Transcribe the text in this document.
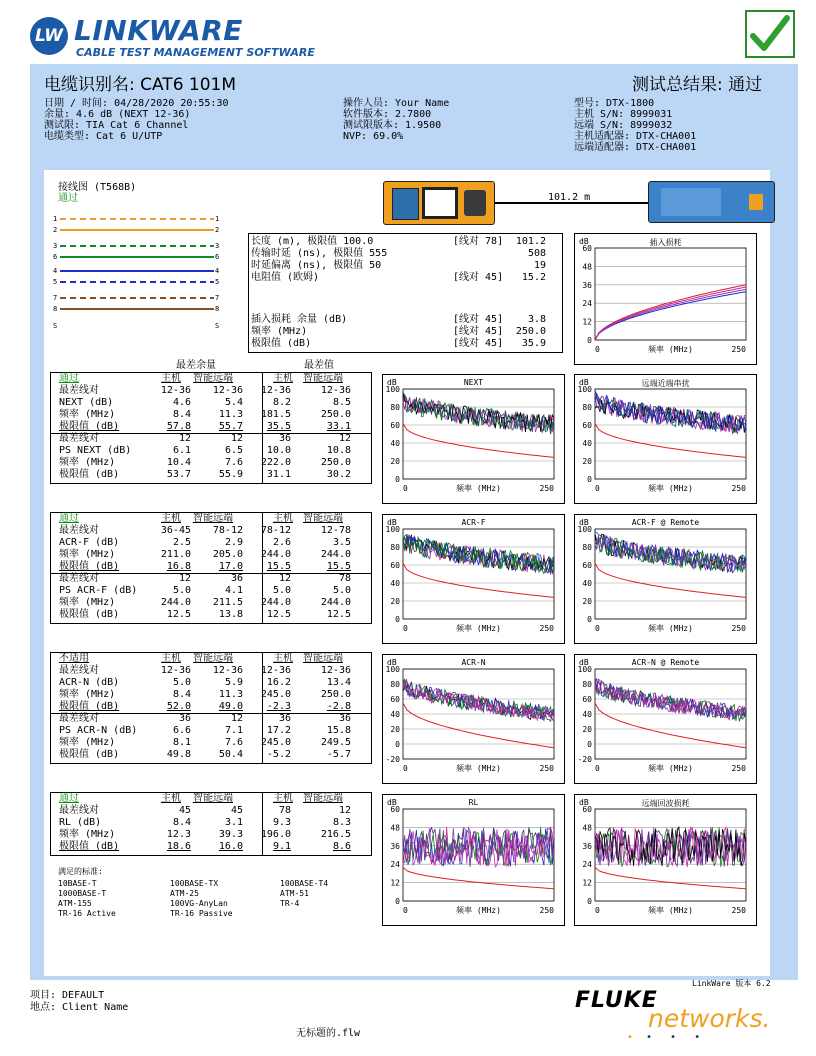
LW LINKWARE
CABLE TEST MANAGEMENT SOFTWARE
电缆识别名: CAT6 101M	测试总结果: 通过
日期 / 时间: 04/28/2020 20:55:30
余量: 4.6 dB (NEXT 12-36)
测试限: TIA Cat 6 Channel
电缆类型: Cat 6 U/UTP
操作人员: Your Name
软件版本: 2.7800
测试限版本: 1.9500
NVP: 69.0%
型号: DTX-1800
主机 S/N: 8999031
远端 S/N: 8999032
主机适配器: DTX-CHA001
远端适配器: DTX-CHA001
接线图 (T568B)
通过
1	1
2	2
3	3
6	6
4	4
5	5
7	7
8	8
S	S
101.2 m
长度 (m), 极限值 100.0	[线对 78] 101.2
传输时延 (ns), 极限值 555	508
时延偏离 (ns), 极限值 50	19
电阻值 (欧姆)	[线对 45] 15.2
插入损耗 余量 (dB)	[线对 45] 3.8
频率 (MHz)	[线对 45] 250.0
极限值 (dB)	[线对 45] 35.9
最差余量	最差值
通过	主机 智能远端	主机 智能远端
最差线对	12-36	12-36	12-36	12-36
NEXT (dB)	4.6	5.4	8.2	8.5
频率 (MHz)	8.4	11.3	181.5	250.0
极限值 (dB)	57.8	55.7	35.5	33.1
最差线对	12	12	36	12
PS NEXT (dB)	6.1	6.5	10.0	10.8
频率 (MHz)	10.4	7.6	222.0	250.0
极限值 (dB)	53.7	55.9	31.1	30.2
通过	主机 智能远端	主机 智能远端
最差线对	36-45	78-12	78-12	12-78
ACR-F (dB)	2.5	2.9	2.6	3.5
频率 (MHz)	211.0	205.0	244.0	244.0
极限值 (dB)	16.8	17.0	15.5	15.5
最差线对	12	36	12	78
PS ACR-F (dB)	5.0	4.1	5.0	5.0
频率 (MHz)	244.0	211.5	244.0	244.0
极限值 (dB)	12.5	13.8	12.5	12.5
不适用	主机 智能远端	主机 智能远端
最差线对	12-36	12-36	12-36	12-36
ACR-N (dB)	5.0	5.9	16.2	13.4
频率 (MHz)	8.4	11.3	245.0	250.0
极限值 (dB)	52.0	49.0	-2.3	-2.8
最差线对	36	12	36	36
PS ACR-N (dB)	6.6	7.1	17.2	15.8
频率 (MHz)	8.1	7.6	245.0	249.5
极限值 (dB)	49.8	50.4	-5.2	-5.7
通过	主机 智能远端	主机 智能远端
最差线对	45	45	78	12
RL (dB)	8.4	3.1	9.3	8.3
频率 (MHz)	12.3	39.3	196.0	216.5
极限值 (dB)	18.6	16.0	9.1	8.6
满足的标准:
10BASE-T	100BASE-TX	100BASE-T4
1000BASE-T	ATM-25	ATM-51
ATM-155	100VG-AnyLan	TR-4
TR-16 Active	TR-16 Passive
插入损耗
dB
60
48
36
24
12
0
0	频率 (MHz)	250
NEXT
dB
100
80
60
40
20
0
0	频率 (MHz)	250
远端近端串扰
dB
100
80
60
40
20
0
0	频率 (MHz)	250
ACR-F
dB
100
80
60
40
20
0
0	频率 (MHz)	250
ACR-F @ Remote
dB
100
80
60
40
20
0
0	频率 (MHz)	250
ACR-N
dB
100
80
60
40
20
0
-20
0	频率 (MHz)	250
ACR-N @ Remote
dB
100
80
60
40
20
0
-20
0	频率 (MHz)	250
RL
dB
60
48
36
24
12
0
0	频率 (MHz)	250
远端回波损耗
dB
60
48
36
24
12
0
0	频率 (MHz)	250
LinkWare 版本 6.2
项目: DEFAULT
地点: Client Name
无标题的.flw
FLUKE
networks.
• • • •
